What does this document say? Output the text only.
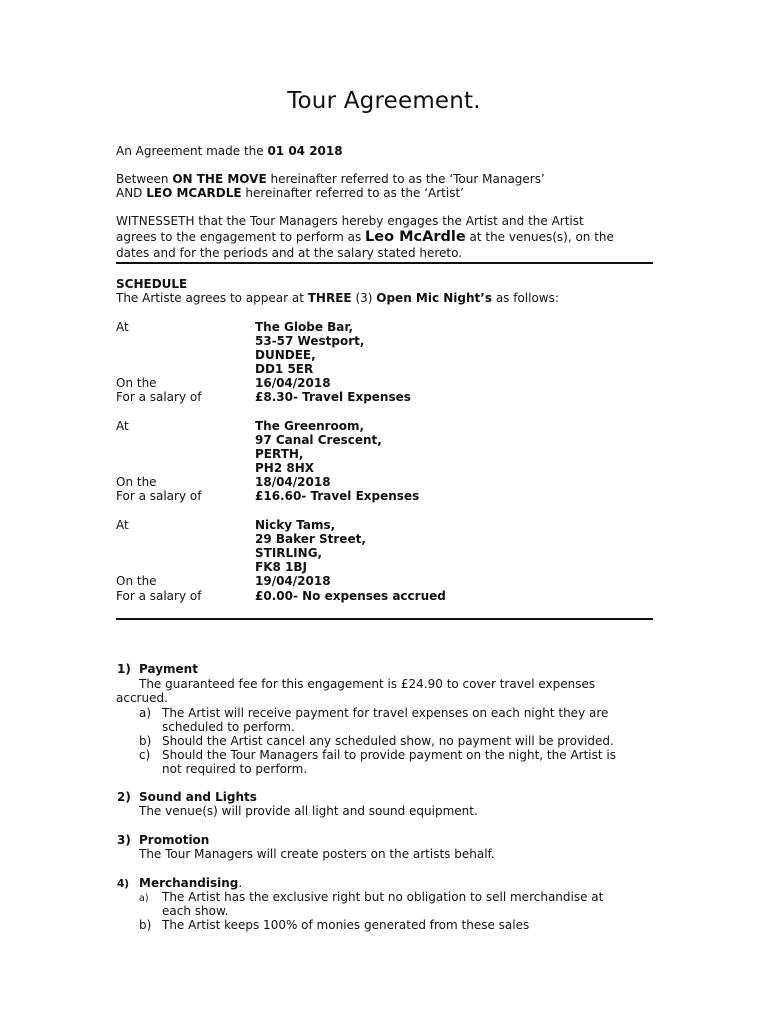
Tour Agreement.
An Agreement made the 01 04 2018
Between ON THE MOVE hereinafter referred to as the ‘Tour Managers’
AND LEO MCARDLE hereinafter referred to as the ‘Artist’
WITNESSETH that the Tour Managers hereby engages the Artist and the Artist
agrees to the engagement to perform as Leo McArdle at the venues(s), on the
dates and for the periods and at the salary stated hereto.
SCHEDULE
The Artiste agrees to appear at THREE (3) Open Mic Night’s as follows:
At	The Globe Bar,
53-57 Westport,
DUNDEE,
DD1 5ER
On the	16/04/2018
For a salary of	£8.30- Travel Expenses
At	The Greenroom,
97 Canal Crescent,
PERTH,
PH2 8HX
On the	18/04/2018
For a salary of	£16.60- Travel Expenses
At	Nicky Tams,
29 Baker Street,
STIRLING,
FK8 1BJ
On the	19/04/2018
For a salary of	£0.00- No expenses accrued
1) Payment
The guaranteed fee for this engagement is £24.90 to cover travel expenses
accrued.
a) The Artist will receive payment for travel expenses on each night they are
scheduled to perform.
b) Should the Artist cancel any scheduled show, no payment will be provided.
c) Should the Tour Managers fail to provide payment on the night, the Artist is
not required to perform.
2) Sound and Lights
The venue(s) will provide all light and sound equipment.
3) Promotion
The Tour Managers will create posters on the artists behalf.
4) Merchandising.
a) The Artist has the exclusive right but no obligation to sell merchandise at
each show.
b) The Artist keeps 100% of monies generated from these sales
